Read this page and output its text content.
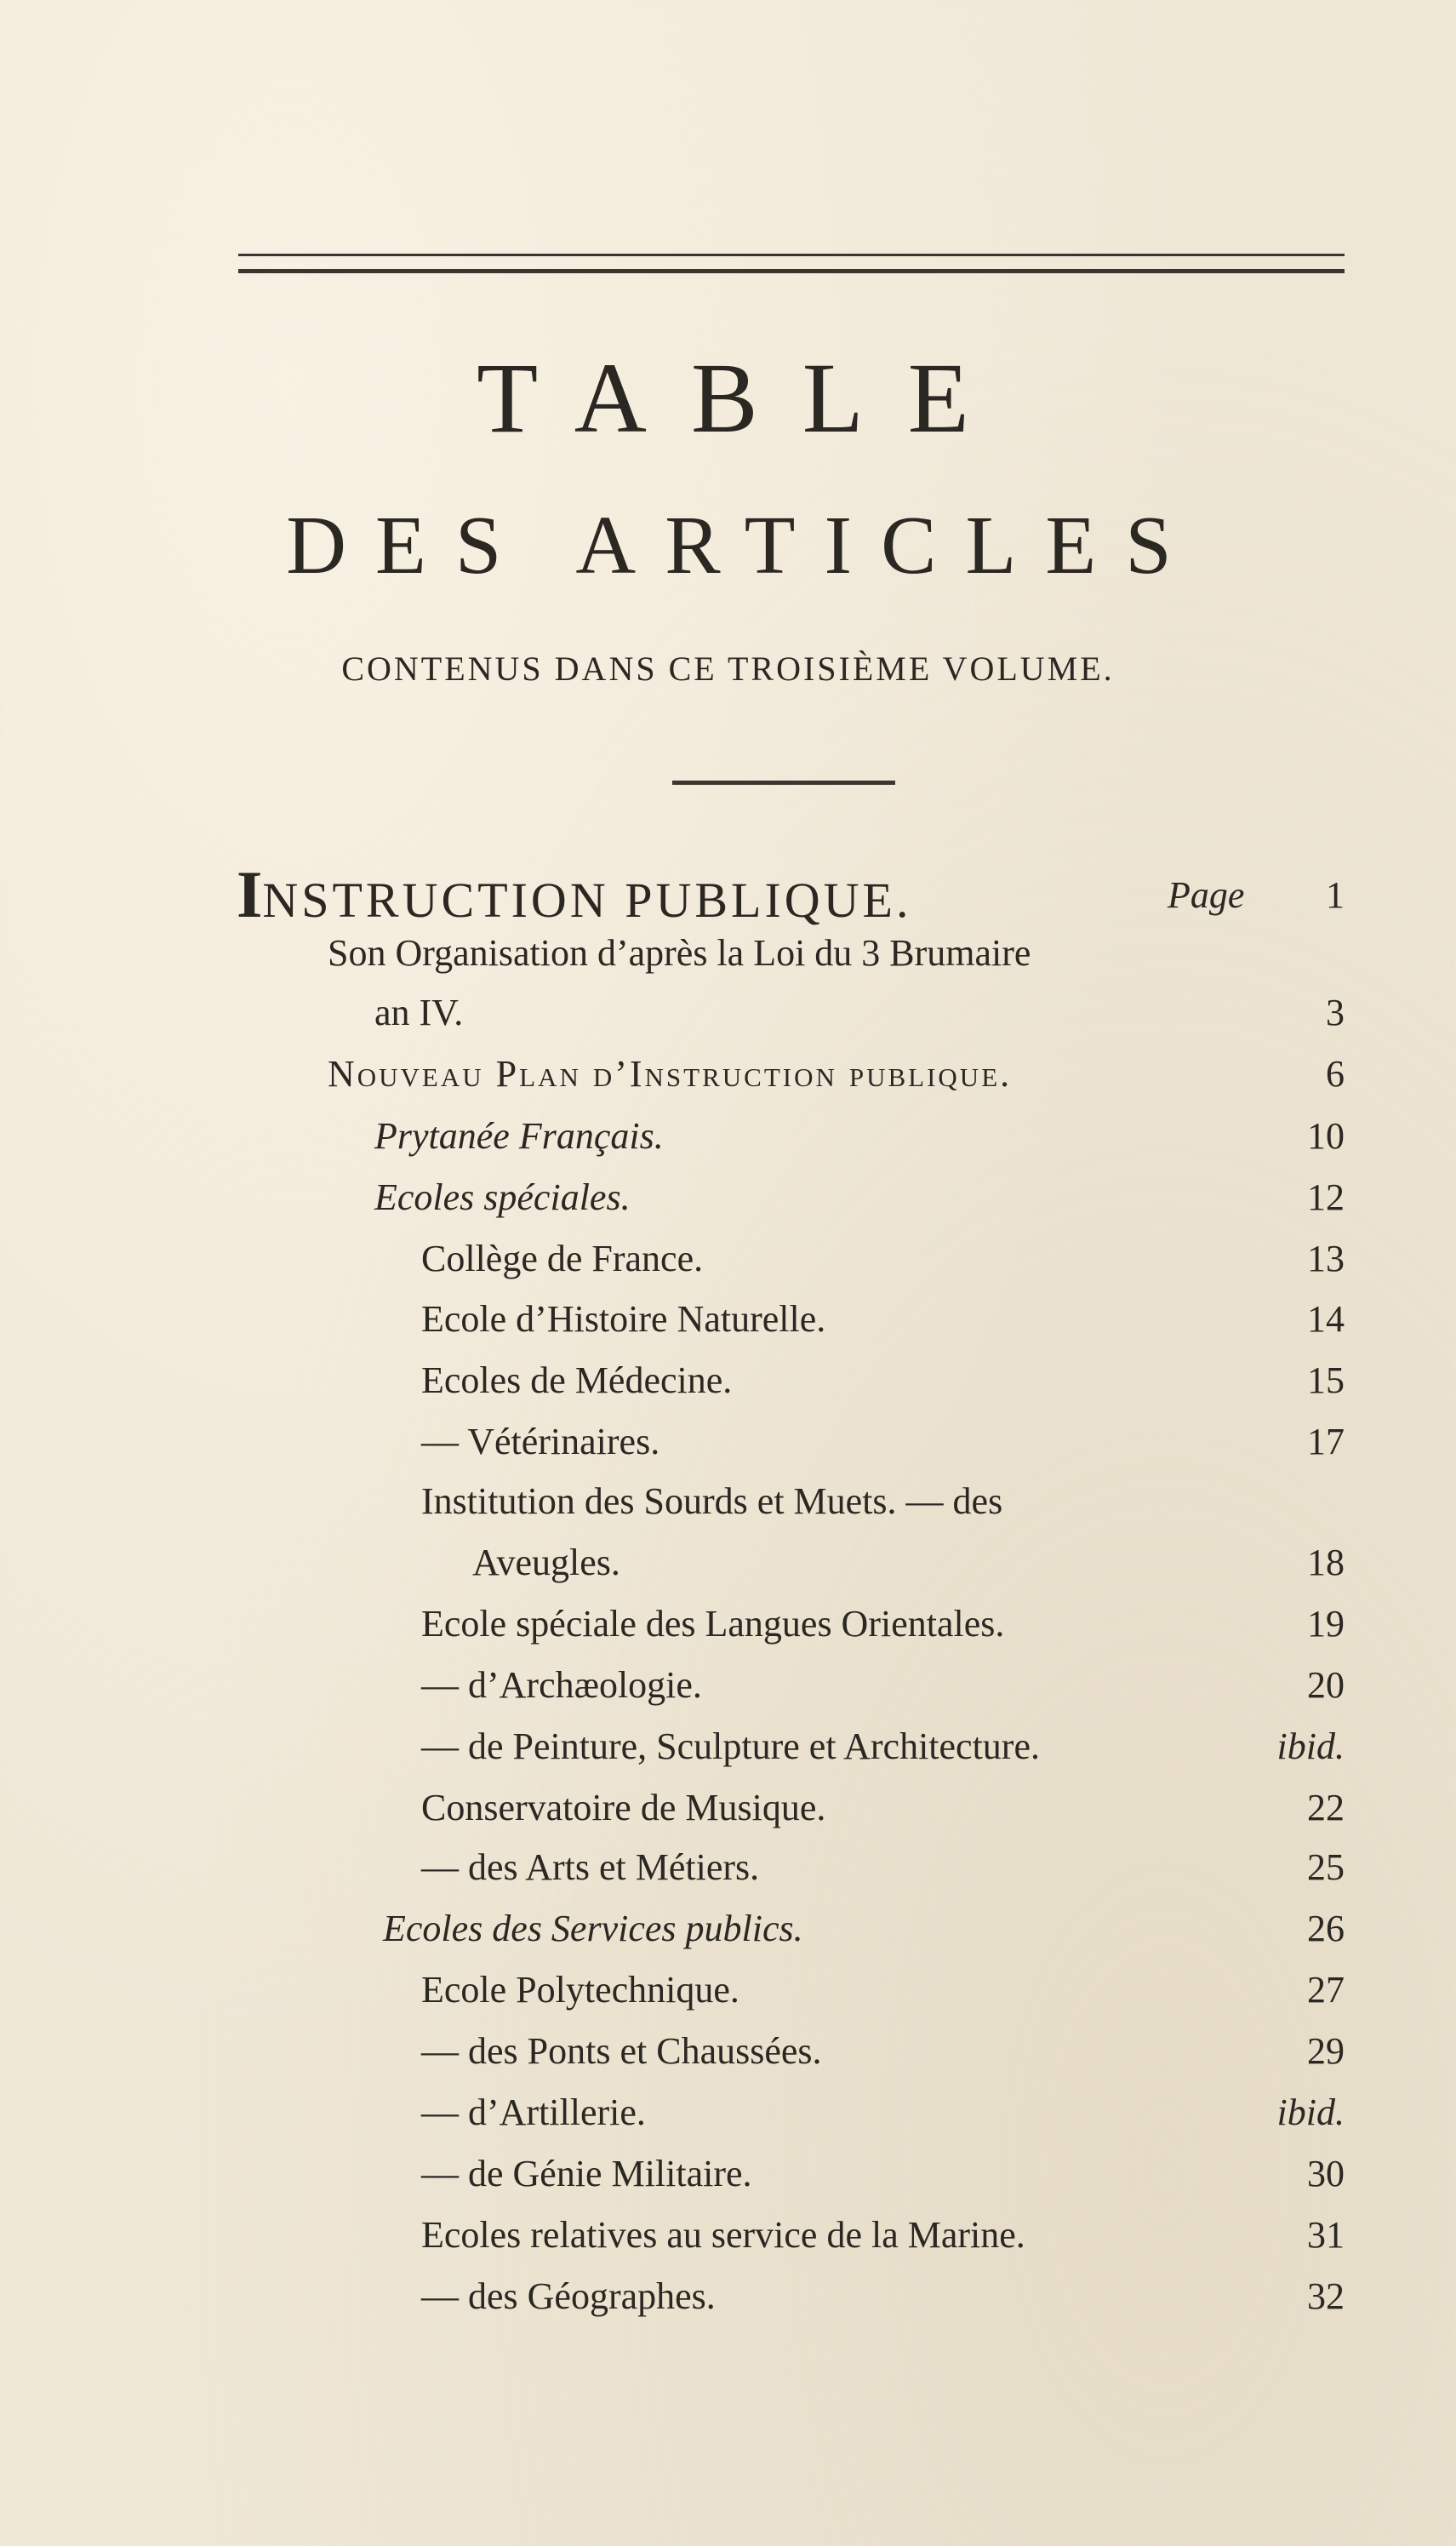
TABLE
DES ARTICLES
CONTENUS DANS CE TROISIÈME VOLUME.
INSTRUCTION PUBLIQUE.	Page	1
Son Organisation d’après la Loi du 3 Brumaire
an IV.	3
Nouveau Plan d’Instruction publique.	6
Prytanée Français.	10
Ecoles spéciales.	12
Collège de France.	13
Ecole d’Histoire Naturelle.	14
Ecoles de Médecine.	15
— Vétérinaires.	17
Institution des Sourds et Muets. — des
Aveugles.	18
Ecole spéciale des Langues Orientales.	19
— d’Archæologie.	20
— de Peinture, Sculpture et Architecture.	ibid.
Conservatoire de Musique.	22
— des Arts et Métiers.	25
Ecoles des Services publics.	26
Ecole Polytechnique.	27
— des Ponts et Chaussées.	29
— d’Artillerie.	ibid.
— de Génie Militaire.	30
Ecoles relatives au service de la Marine.	31
— des Géographes.	32
